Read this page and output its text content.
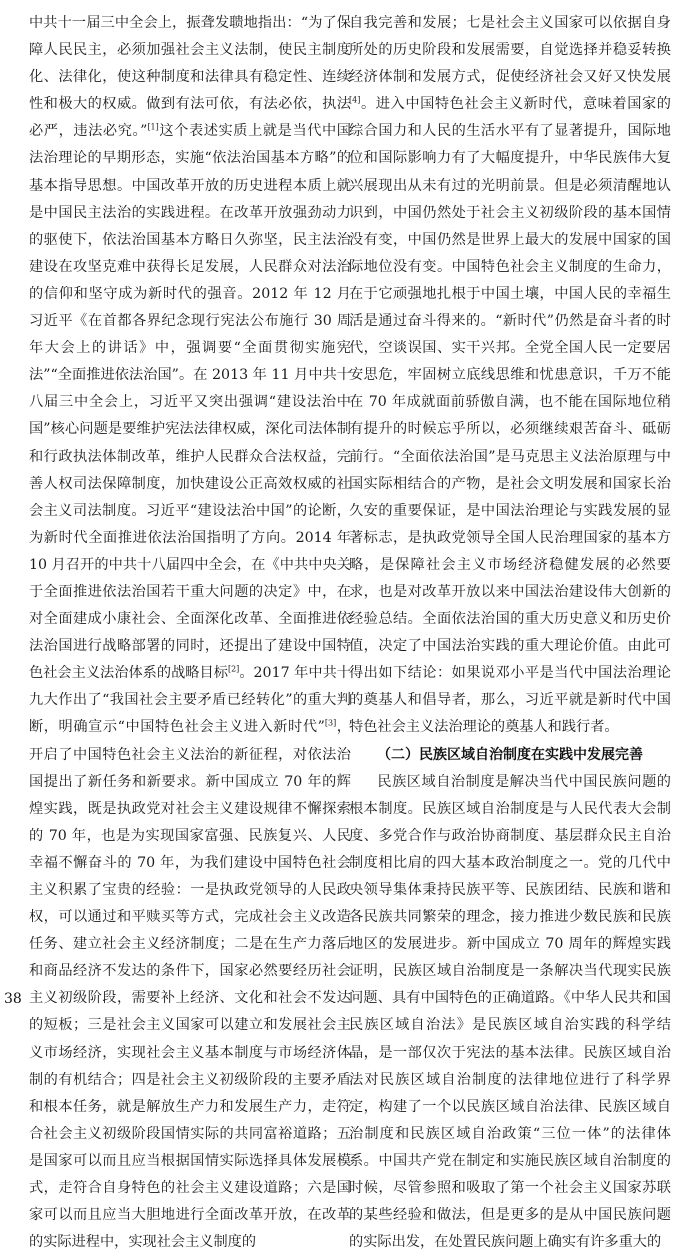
中共十一届三中全会上，振聋发聩地指出：“为了保障人民民主，必须加强社会主义法制，使民主制度化、法律化，使这种制度和法律具有稳定性、连续性和极大的权威。做到有法可依，有法必依，执法必严，违法必究。”[1]这个表述实质上就是当代中国法治理论的早期形态，实施“依法治国基本方略”的基本指导思想。中国改革开放的历史进程本质上就是中国民主法治的实践进程。在改革开放强劲动力的驱使下，依法治国基本方略日久弥坚，民主法治建设在攻坚克难中获得长足发展，人民群众对法治的信仰和坚守成为新时代的强音。2012 年 12 月习近平《在首都各界纪念现行宪法公布施行 30 周年大会上的讲话》中，强调要“全面贯彻实施宪法”“全面推进依法治国”。在 2013 年 11 月中共十八届三中全会上，习近平又突出强调“建设法治中国”核心问题是要维护宪法法律权威，深化司法体制和行政执法体制改革，维护人民群众合法权益，完善人权司法保障制度，加快建设公正高效权威的社会主义司法制度。习近平“建设法治中国”的论断，为新时代全面推进依法治国指明了方向。2014 年 10 月召开的中共十八届四中全会，在《中共中央关于全面推进依法治国若干重大问题的决定》中，在对全面建成小康社会、全面深化改革、全面推进依法治国进行战略部署的同时，还提出了建设中国特色社会主义法治体系的战略目标[2]。2017 年中共十九大作出了“我国社会主要矛盾已经转化”的重大判断，明确宣示“中国特色社会主义进入新时代”[3]，开启了中国特色社会主义法治的新征程，对依法治国提出了新任务和新要求。新中国成立 70 年的辉煌实践，既是执政党对社会主义建设规律不懈探索的 70 年，也是为实现国家富强、民族复兴、人民幸福不懈奋斗的 70 年，为我们建设中国特色社会主义积累了宝贵的经验：一是执政党领导的人民政权，可以通过和平赎买等方式，完成社会主义改造任务、建立社会主义经济制度；二是在生产力落后和商品经济不发达的条件下，国家必然要经历社会主义初级阶段，需要补上经济、文化和社会不发达的短板；三是社会主义国家可以建立和发展社会主义市场经济，实现社会主义基本制度与市场经济体制的有机结合；四是社会主义初级阶段的主要矛盾和根本任务，就是解放生产力和发展生产力，走符合社会主义初级阶段国情实际的共同富裕道路；五是国家可以而且应当根据国情实际选择具体发展模式，走符合自身特色的社会主义建设道路；六是国家可以而且应当大胆地进行全面改革开放，在改革的实际进程中，实现社会主义制度的

自我完善和发展；七是社会主义国家可以依据自身所处的历史阶段和发展需要，自觉选择并稳妥转换经济体制和发展方式，促使经济社会又好又快发展[4]。进入中国特色社会主义新时代，意味着国家的综合国力和人民的生活水平有了显著提升，国际地位和国际影响力有了大幅度提升，中华民族伟大复兴展现出从未有过的光明前景。但是必须清醒地认识到，中国仍然处于社会主义初级阶段的基本国情没有变，中国仍然是世界上最大的发展中国家的国际地位没有变。中国特色社会主义制度的生命力，在于它顽强地扎根于中国土壤，中国人民的幸福生活是通过奋斗得来的。“新时代”仍然是奋斗者的时代，空谈误国、实干兴邦。全党全国人民一定要居安思危，牢固树立底线思维和忧患意识，千万不能在 70 年成就面前骄傲自满，也不能在国际地位稍有提升的时候忘乎所以，必须继续艰苦奋斗、砥砺前行。“全面依法治国”是马克思主义法治原理与中国实际相结合的产物，是社会文明发展和国家长治久安的重要保证，是中国法治理论与实践发展的显著标志，是执政党领导全国人民治理国家的基本方略，是保障社会主义市场经济稳健发展的必然要求，也是对改革开放以来中国法治建设伟大创新的经验总结。全面依法治国的重大历史意义和历史价值，决定了中国法治实践的重大理论价值。由此可得出如下结论：如果说邓小平是当代中国法治理论的奠基人和倡导者，那么，习近平就是新时代中国特色社会主义法治理论的奠基人和践行者。

（二）民族区域自治制度在实践中发展完善

民族区域自治制度是解决当代中国民族问题的根本制度。民族区域自治制度是与人民代表大会制度、多党合作与政治协商制度、基层群众民主自治制度相比肩的四大基本政治制度之一。党的几代中央领导集体秉持民族平等、民族团结、民族和谐和各民族共同繁荣的理念，接力推进少数民族和民族地区的发展进步。新中国成立 70 周年的辉煌实践证明，民族区域自治制度是一条解决当代现实民族问题、具有中国特色的正确道路。《中华人民共和国民族区域自治法》是民族区域自治实践的科学结晶，是一部仅次于宪法的基本法律。民族区域自治法对民族区域自治制度的法律地位进行了科学界定，构建了一个以民族区域自治法律、民族区域自治制度和民族区域自治政策“三位一体”的法律体系。中国共产党在制定和实施民族区域自治制度的时候，尽管参照和吸取了第一个社会主义国家苏联的某些经验和做法，但是更多的是从中国民族问题的实际出发，在处置民族问题上确实有许多重大的

38
